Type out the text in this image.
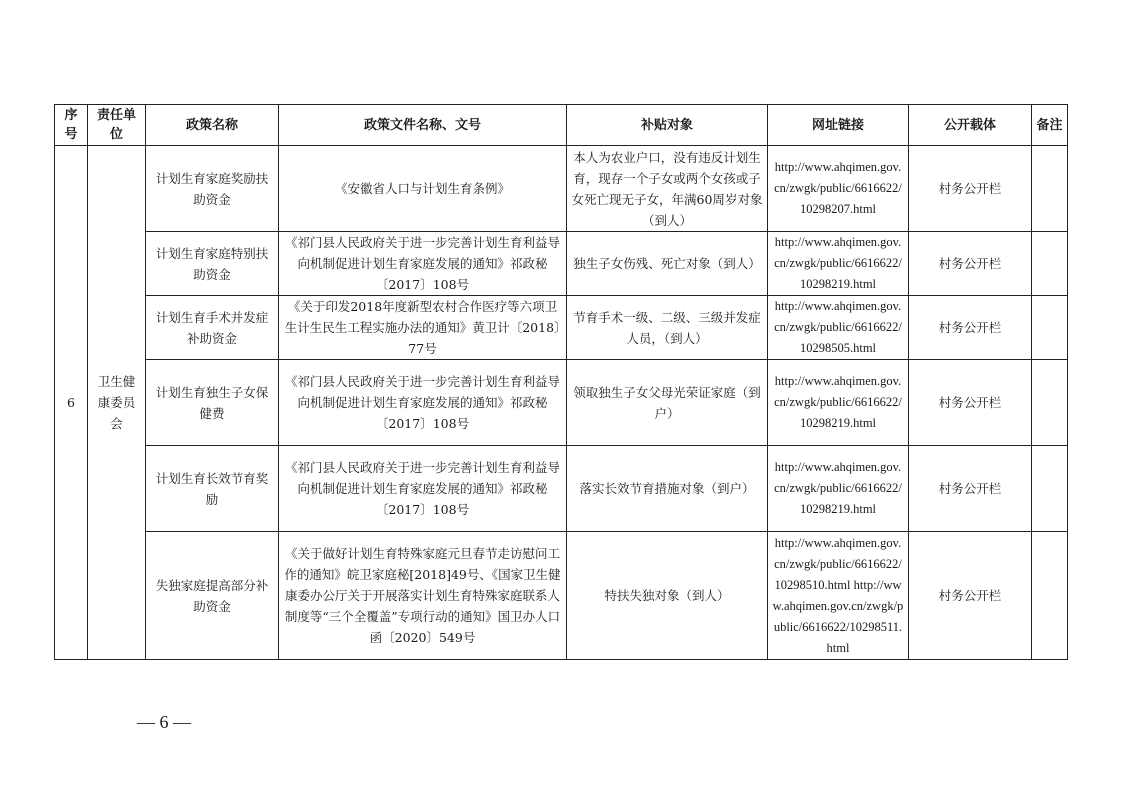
序号	责任单位	政策名称	政策文件名称、文号	补贴对象	网址链接	公开载体	备注
6	卫生健康委员会	计划生育家庭奖励扶助资金	《安徽省人口与计划生育条例》	本人为农业户口，没有违反计划生育，现存一个子女或两个女孩或子女死亡现无子女，年满60周岁对象（到人）	http://www.ahqimen.gov.cn/zwgk/public/6616622/10298207.html	村务公开栏	
		计划生育家庭特别扶助资金	《祁门县人民政府关于进一步完善计划生育利益导向机制促进计划生育家庭发展的通知》祁政秘〔2017〕108号	独生子女伤残、死亡对象（到人）	http://www.ahqimen.gov.cn/zwgk/public/6616622/10298219.html	村务公开栏	
		计划生育手术并发症补助资金	《关于印发2018年度新型农村合作医疗等六项卫生计生民生工程实施办法的通知》黄卫计〔2018〕77号	节育手术一级、二级、三级并发症人员，（到人）	http://www.ahqimen.gov.cn/zwgk/public/6616622/10298505.html	村务公开栏	
		计划生育独生子女保健费	《祁门县人民政府关于进一步完善计划生育利益导向机制促进计划生育家庭发展的通知》祁政秘〔2017〕108号	领取独生子女父母光荣证家庭（到户）	http://www.ahqimen.gov.cn/zwgk/public/6616622/10298219.html	村务公开栏	
		计划生育长效节育奖励	《祁门县人民政府关于进一步完善计划生育利益导向机制促进计划生育家庭发展的通知》祁政秘〔2017〕108号	落实长效节育措施对象（到户）	http://www.ahqimen.gov.cn/zwgk/public/6616622/10298219.html	村务公开栏	
		失独家庭提高部分补助资金	《关于做好计划生育特殊家庭元旦春节走访慰问工作的通知》皖卫家庭秘[2018]49号、《国家卫生健康委办公厅关于开展落实计划生育特殊家庭联系人制度等“三个全覆盖”专项行动的通知》国卫办人口函〔2020〕549号	特扶失独对象（到人）	http://www.ahqimen.gov.cn/zwgk/public/6616622/10298510.html http://www.ahqimen.gov.cn/zwgk/public/6616622/10298511.html	村务公开栏	
— 6 —
